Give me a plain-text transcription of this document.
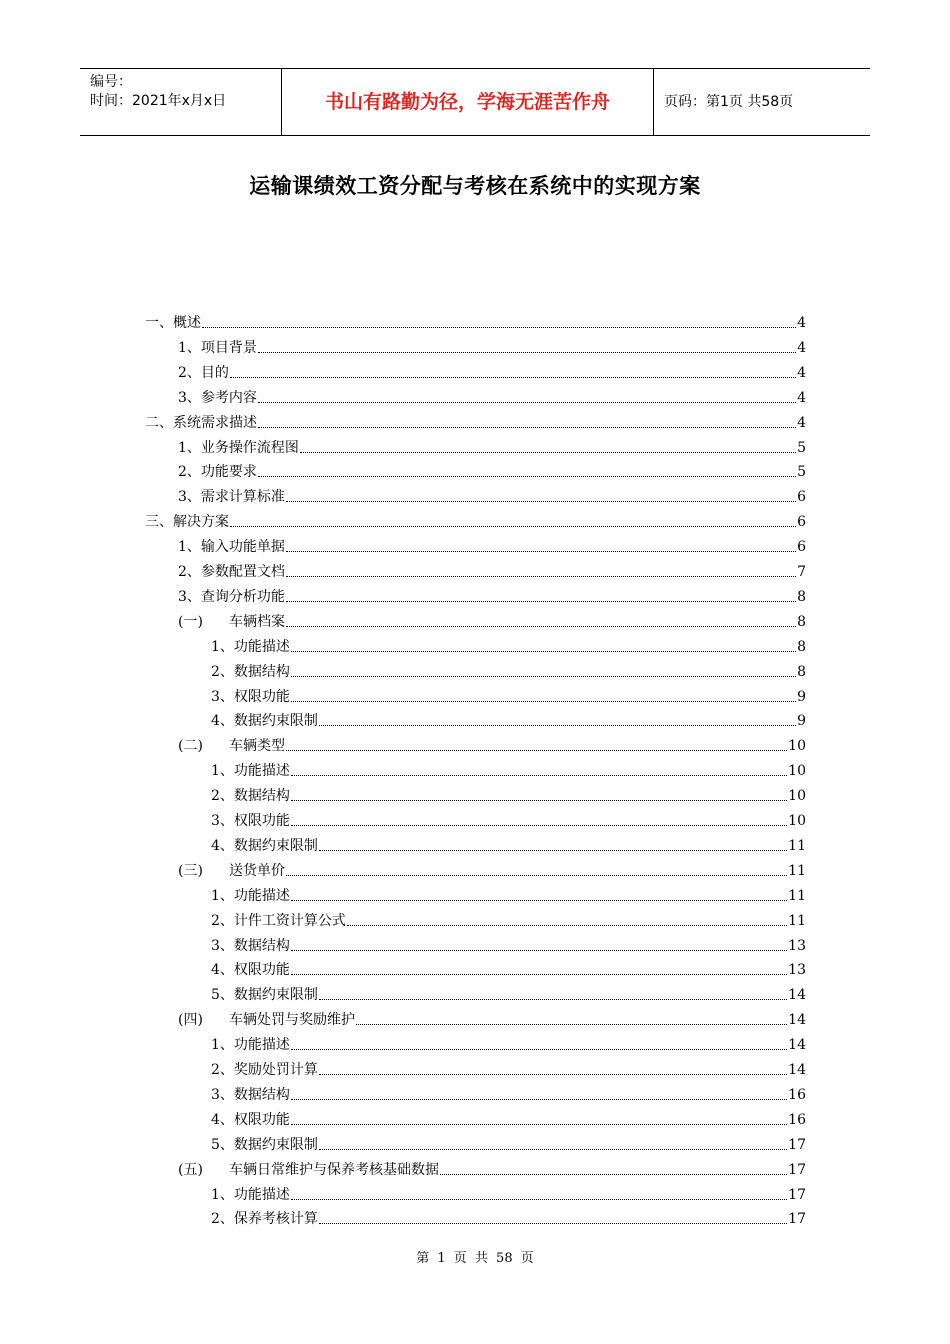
编号：
时间：2021年x月x日	书山有路勤为径，学海无涯苦作舟	页码：第1页 共58页
运输课绩效工资分配与考核在系统中的实现方案
一、概述	4
1、项目背景	4
2、目的	4
3、参考内容	4
二、系统需求描述	4
1、业务操作流程图	5
2、功能要求	5
3、需求计算标准	6
三、解决方案	6
1、输入功能单据	6
2、参数配置文档	7
3、查询分析功能	8
(一)	车辆档案	8
1、功能描述	8
2、数据结构	8
3、权限功能	9
4、数据约束限制	9
(二)	车辆类型	10
1、功能描述	10
2、数据结构	10
3、权限功能	10
4、数据约束限制	11
(三)	送货单价	11
1、功能描述	11
2、计件工资计算公式	11
3、数据结构	13
4、权限功能	13
5、数据约束限制	14
(四)	车辆处罚与奖励维护	14
1、功能描述	14
2、奖励处罚计算	14
3、数据结构	16
4、权限功能	16
5、数据约束限制	17
(五)	车辆日常维护与保养考核基础数据	17
1、功能描述	17
2、保养考核计算	17
第 1 页 共 58 页
